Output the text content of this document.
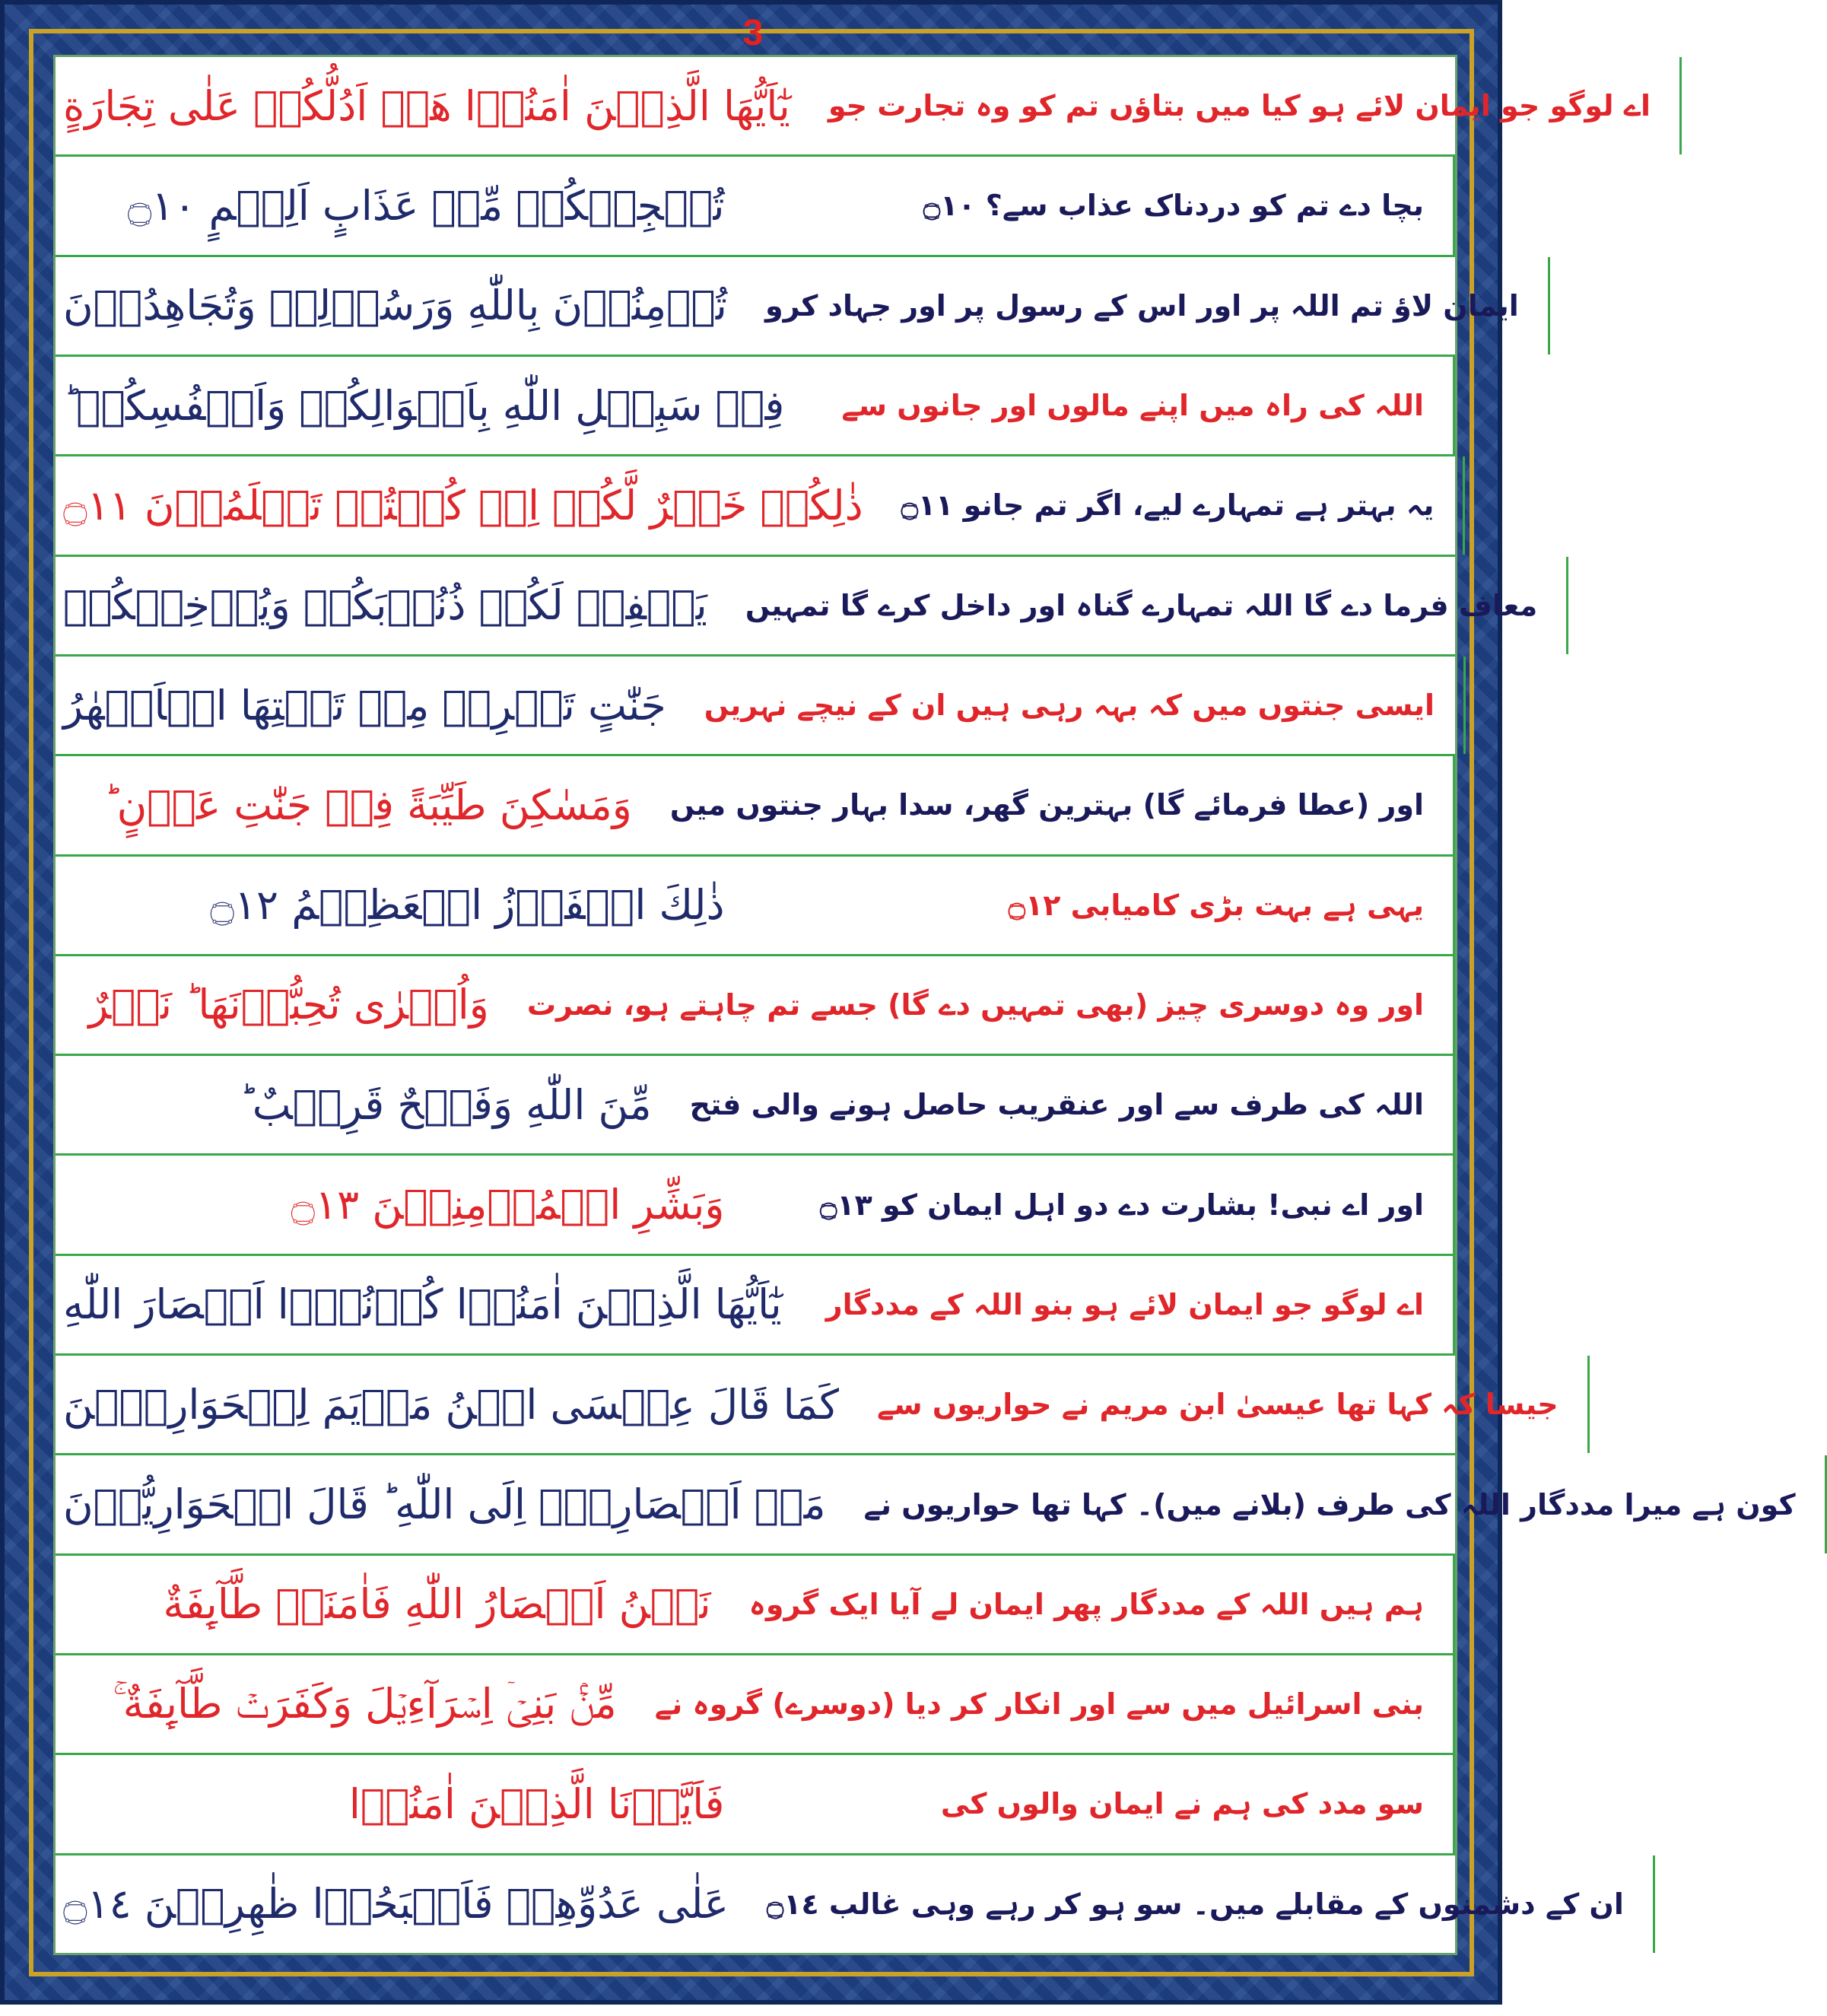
3
يٰٓاَيُّهَا الَّذِيۡنَ اٰمَنُوۡا هَلۡ اَدُلُّكُمۡ عَلٰى تِجَارَةٍ	اے لوگو جو ایمان لائے ہو کیا میں بتاؤں تم کو وہ تجارت جو
تُنۡجِيۡكُمۡ مِّنۡ عَذَابٍ اَلِيۡمٍ ۝١٠	بچا دے تم کو دردناک عذاب سے؟ ۝١٠
تُؤۡمِنُوۡنَ بِاللّٰهِ وَرَسُوۡلِهٖ وَتُجَاهِدُوۡنَ	ایمان لاؤ تم اللہ پر اور اس کے رسول پر اور جہاد کرو
فِىۡ سَبِيۡلِ اللّٰهِ بِاَمۡوَالِكُمۡ وَاَنۡفُسِكُمۡ ؕ	اللہ کی راہ میں اپنے مالوں اور جانوں سے
ذٰلِكُمۡ خَيۡرٌ لَّكُمۡ اِنۡ كُنۡتُمۡ تَعۡلَمُوۡنَ ۝١١	یہ بہتر ہے تمہارے لیے، اگر تم جانو ۝١١
يَغۡفِرۡ لَكُمۡ ذُنُوۡبَكُمۡ وَيُدۡخِلۡكُمۡ	معاف فرما دے گا اللہ تمہارے گناہ اور داخل کرے گا تمہیں
جَنّٰتٍ تَجۡرِىۡ مِنۡ تَحۡتِهَا الۡاَنۡهٰرُ	ایسی جنتوں میں کہ بہہ رہی ہیں ان کے نیچے نہریں
وَمَسٰكِنَ طَيِّبَةً فِىۡ جَنّٰتِ عَدۡنٍ ؕ	اور (عطا فرمائے گا) بہترین گھر، سدا بہار جنتوں میں
ذٰلِكَ الۡفَوۡزُ الۡعَظِيۡمُ ۝١٢	یہی ہے بہت بڑی کامیابی ۝١٢
وَاُخۡرٰى تُحِبُّوۡنَهَا ؕ نَصۡرٌ	اور وہ دوسری چیز (بھی تمہیں دے گا) جسے تم چاہتے ہو، نصرت
مِّنَ اللّٰهِ وَفَتۡحٌ قَرِيۡبٌ ؕ	اللہ کی طرف سے اور عنقریب حاصل ہونے والی فتح
وَبَشِّرِ الۡمُؤۡمِنِيۡنَ ۝١٣	اور اے نبی! بشارت دے دو اہل ایمان کو ۝١٣
يٰٓاَيُّهَا الَّذِيۡنَ اٰمَنُوۡا كُوۡنُوۡۤا اَنۡصَارَ اللّٰهِ	اے لوگو جو ایمان لائے ہو بنو اللہ کے مددگار
كَمَا قَالَ عِيۡسَى ابۡنُ مَرۡيَمَ لِلۡحَوَارِيّٖنَ	جیسا کہ کہا تھا عیسیٰ ابن مریم نے حواریوں سے
مَنۡ اَنۡصَارِىۡۤ اِلَى اللّٰهِ ؕ قَالَ الۡحَوَارِيُّوۡنَ	کون ہے میرا مددگار اللہ کی طرف (بلانے میں)۔ کہا تھا حواریوں نے
نَحۡنُ اَنۡصَارُ اللّٰهِ فَاٰمَنَتۡ طَّآٮِٕفَةٌ	ہم ہیں اللہ کے مددگار پھر ایمان لے آیا ایک گروہ
مِّنۡۢ بَنِىۡۤ اِسۡرَآءِيۡلَ وَكَفَرَتۡ طَّآٮِٕفَةٌ ۚ	بنی اسرائیل میں سے اور انکار کر دیا (دوسرے) گروہ نے
فَاَيَّدۡنَا الَّذِيۡنَ اٰمَنُوۡا	سو مدد کی ہم نے ایمان والوں کی
عَلٰى عَدُوِّهِمۡ فَاَصۡبَحُوۡا ظٰهِرِيۡنَ ۝١٤	ان کے دشمنوں کے مقابلے میں۔ سو ہو کر رہے وہی غالب ۝١٤
